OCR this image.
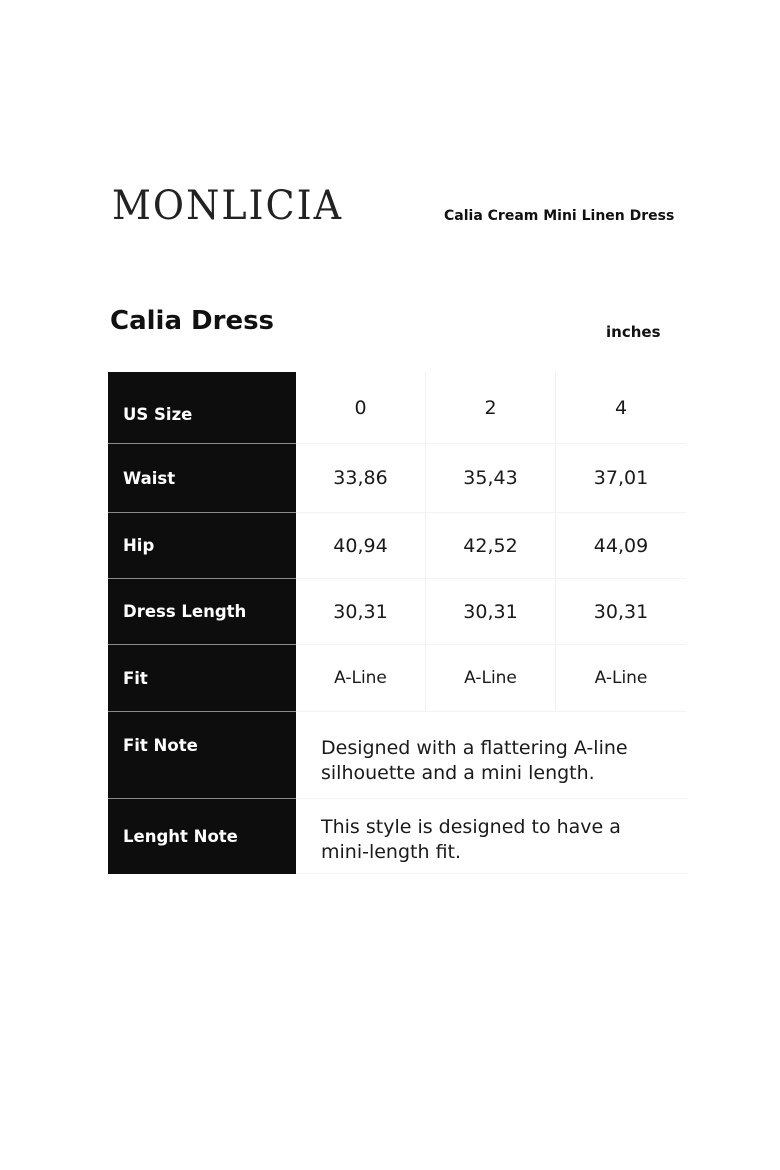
MONLICIA	Calia Cream Mini Linen Dress
Calia Dress	inches
US Size	0	2	4
Waist	33,86	35,43	37,01
Hip	40,94	42,52	44,09
Dress Length	30,31	30,31	30,31
Fit	A-Line	A-Line	A-Line
Fit Note	Designed with a flattering A-line silhouette and a mini length.
Lenght Note	This style is designed to have a mini-length fit.
